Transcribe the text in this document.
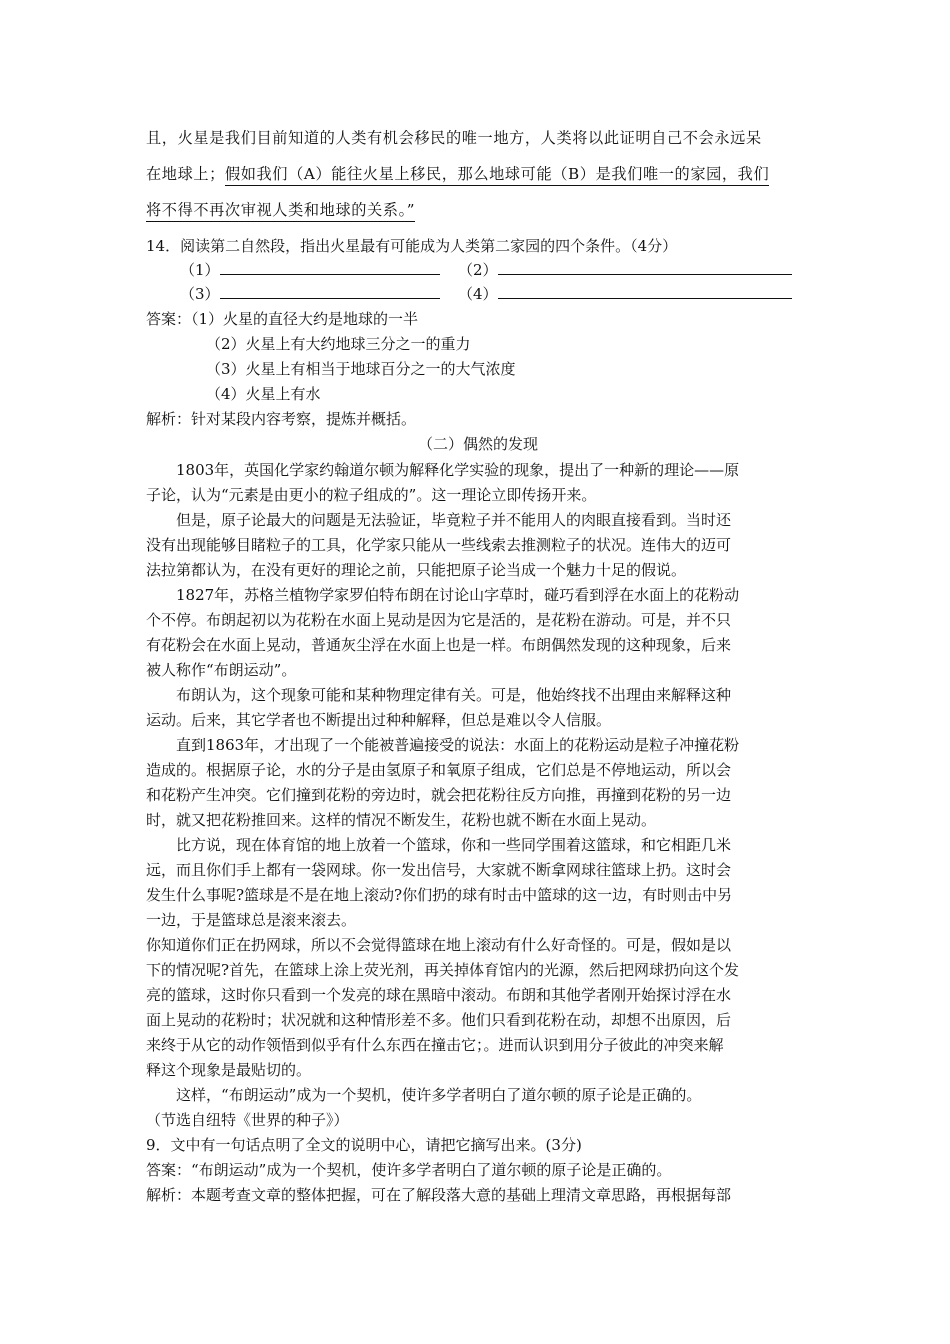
且，火星是我们目前知道的人类有机会移民的唯一地方，人类将以此证明自己不会永远呆
在地球上；假如我们（A）能往火星上移民，那么地球可能（B）是我们唯一的家园，我们
将不得不再次审视人类和地球的关系。”
14．阅读第二自然段，指出火星最有可能成为人类第二家园的四个条件。（4分）
（1）	（2）
（3）	（4）
答案：（1）火星的直径大约是地球的一半
（2）火星上有大约地球三分之一的重力
（3）火星上有相当于地球百分之一的大气浓度
（4）火星上有水
解析：针对某段内容考察，提炼并概括。
（二）偶然的发现
1803年，英国化学家约翰道尔顿为解释化学实验的现象，提出了一种新的理论——原
子论，认为“元素是由更小的粒子组成的”。这一理论立即传扬开来。
但是，原子论最大的问题是无法验证，毕竟粒子并不能用人的肉眼直接看到。当时还
没有出现能够目睹粒子的工具，化学家只能从一些线索去推测粒子的状况。连伟大的迈可
法拉第都认为，在没有更好的理论之前，只能把原子论当成一个魅力十足的假说。
1827年，苏格兰植物学家罗伯特布朗在讨论山字草时，碰巧看到浮在水面上的花粉动
个不停。布朗起初以为花粉在水面上晃动是因为它是活的，是花粉在游动。可是，并不只
有花粉会在水面上晃动，普通灰尘浮在水面上也是一样。布朗偶然发现的这种现象，后来
被人称作“布朗运动”。
布朗认为，这个现象可能和某种物理定律有关。可是，他始终找不出理由来解释这种
运动。后来，其它学者也不断提出过种种解释，但总是难以令人信服。
直到1863年，才出现了一个能被普遍接受的说法：水面上的花粉运动是粒子冲撞花粉
造成的。根据原子论，水的分子是由氢原子和氧原子组成，它们总是不停地运动，所以会
和花粉产生冲突。它们撞到花粉的旁边时，就会把花粉往反方向推，再撞到花粉的另一边
时，就又把花粉推回来。这样的情况不断发生，花粉也就不断在水面上晃动。
比方说，现在体育馆的地上放着一个篮球，你和一些同学围着这篮球，和它相距几米
远，而且你们手上都有一袋网球。你一发出信号，大家就不断拿网球往篮球上扔。这时会
发生什么事呢?篮球是不是在地上滚动?你们扔的球有时击中篮球的这一边，有时则击中另
一边，于是篮球总是滚来滚去。
你知道你们正在扔网球，所以不会觉得篮球在地上滚动有什么好奇怪的。可是，假如是以
下的情况呢?首先，在篮球上涂上荧光剂，再关掉体育馆内的光源，然后把网球扔向这个发
亮的篮球，这时你只看到一个发亮的球在黑暗中滚动。布朗和其他学者刚开始探讨浮在水
面上晃动的花粉时；状况就和这种情形差不多。他们只看到花粉在动，却想不出原因，后
来终于从它的动作领悟到似乎有什么东西在撞击它；。进而认识到用分子彼此的冲突来解
释这个现象是最贴切的。
这样，“布朗运动”成为一个契机，使许多学者明白了道尔顿的原子论是正确的。
（节选自纽特《世界的种子》）
9．文中有一句话点明了全文的说明中心，请把它摘写出来。(3分)
答案：“布朗运动”成为一个契机，使许多学者明白了道尔顿的原子论是正确的。
解析：本题考查文章的整体把握，可在了解段落大意的基础上理清文章思路，再根据每部
